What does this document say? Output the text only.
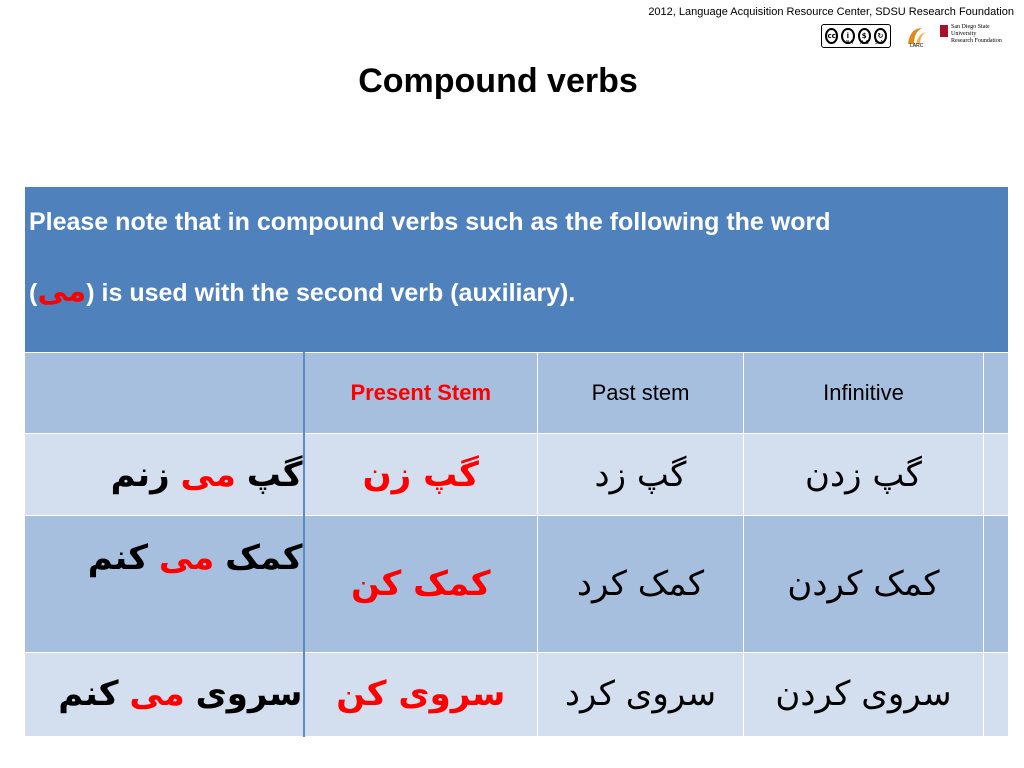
2012, Language Acquisition Resource Center, SDSU Research Foundation
cc	i	$	↻
BY NC SA	LARC
San Diego State
University
Research Foundation
Compound verbs
Please note that in compound verbs such as the following the word
(می) is used with the second verb (auxiliary).				

	Present Stem	Past stem	Infinitive	
گپ می زنم	گپ زن	گپ زد	گپ زدن	
کمک می کنم	کمک کن	کمک کرد	کمک کردن	
سروی می کنم	سروی کن	سروی کرد	سروی کردن	
